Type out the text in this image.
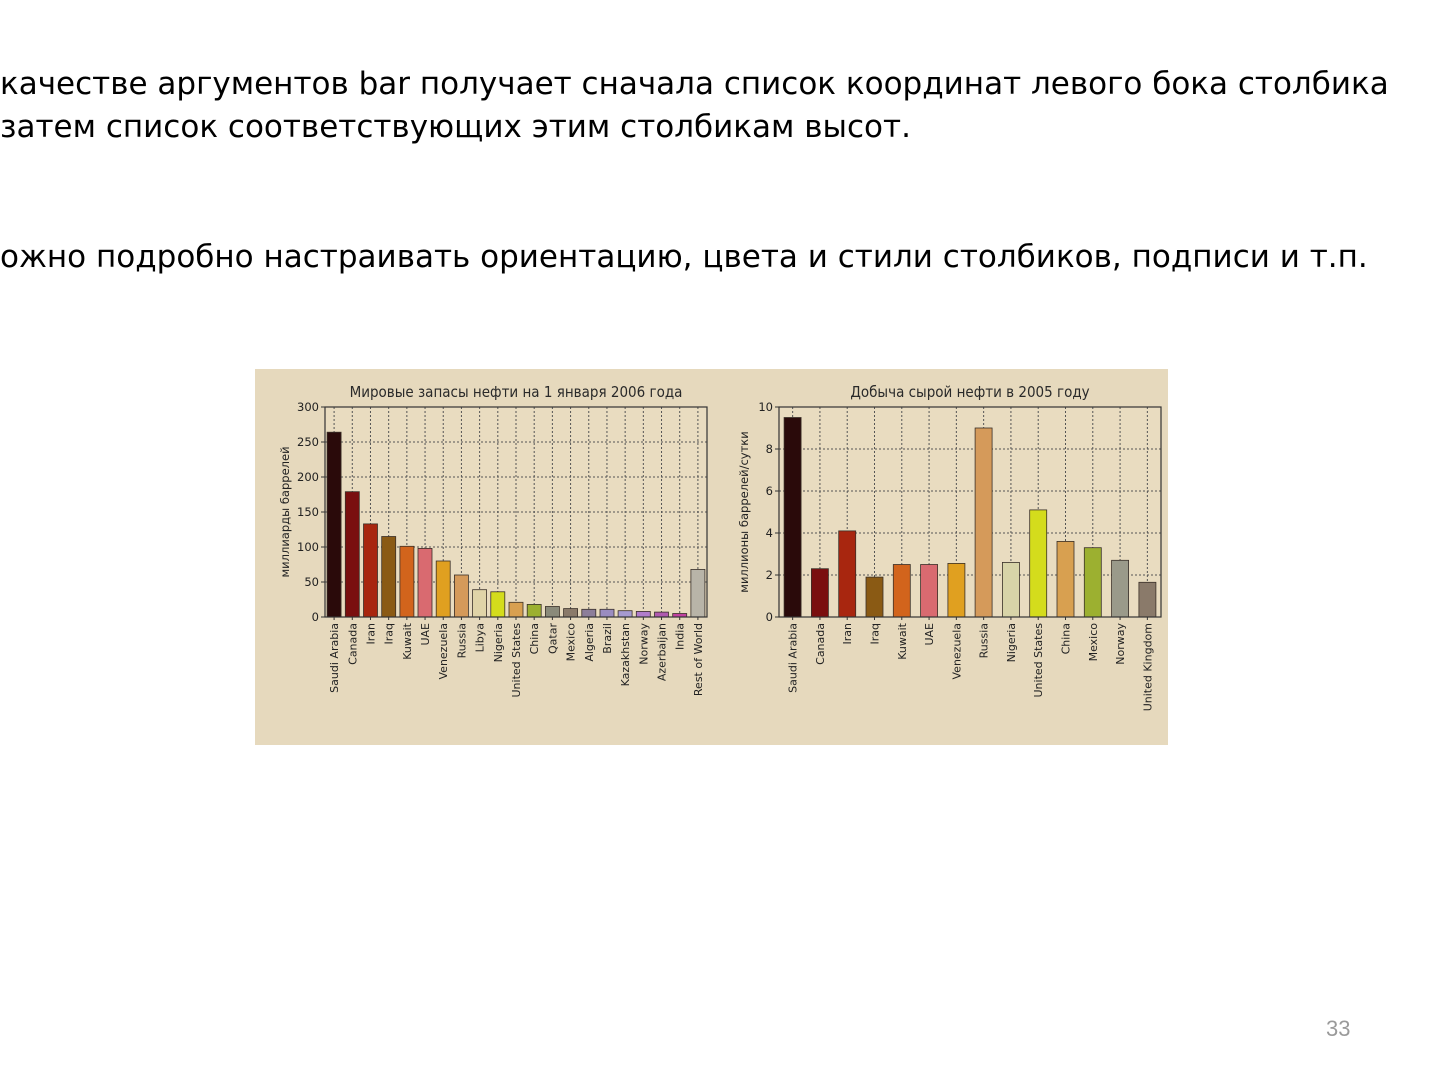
качестве аргументов bar получает сначала список координат левого бока столбика

затем список соответствующих этим столбикам высот.

ожно подробно настраивать ориентацию, цвета и стили столбиков, подписи и т.п.

0
50
100
150
200
250
300
Saudi Arabia Canada Iran Iraq Kuwait UAE Venezuela Russia Libya Nigeria United States China Qatar Mexico Algeria Brazil Kazakhstan Norway Azerbaijan India Rest of World
Мировые запасы нефти на 1 января 2006 года
миллиарды баррелей
0
2
4
6
8
10
Saudi Arabia Canada Iran Iraq Kuwait UAE Venezuela Russia Nigeria United States China Mexico Norway United Kingdom
Добыча сырой нефти в 2005 году
миллионы баррелей/сутки
33
